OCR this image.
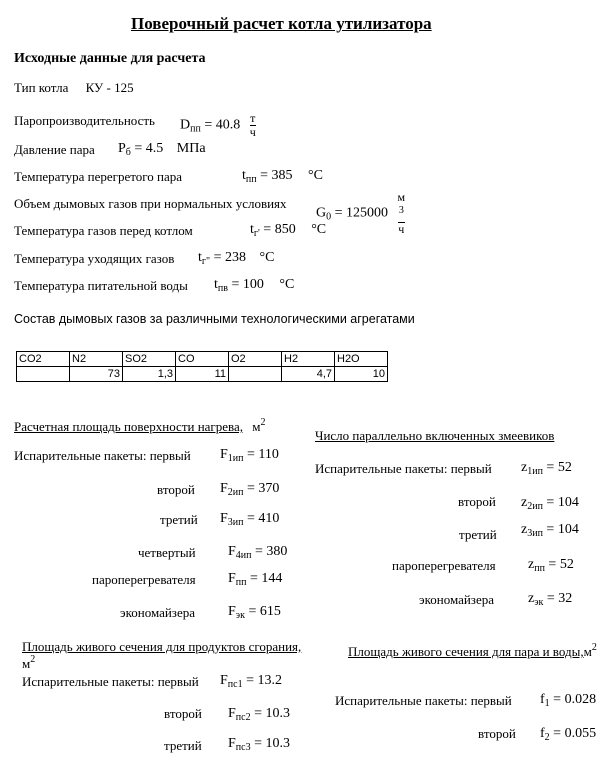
Поверочный расчет котла утилизатора
Исходные данные для расчета
Тип котла КУ - 125
Паропроизводительность $D_{пп} = 40.8 \frac{т}{ч}$
Давление пара $P_б = 4.5$ МПа
Температура перегретого пара	$t_{пп} = 385$ °C
Объем дымовых газов при нормальных условиях
$G_0 = 125000$ м
$^3$
ч
Температура газов перед котлом	$t_{г'} = 850$ °C
Температура уходящих газов $t_{г"} = 238$ °C
Температура питательной воды $t_{пв} = 100$ °C
Состав дымовых газов за различными технологическими агрегатами
CO2	N2	SO2	CO	O2	H2	H2O
	73	1,3	11		4,7	10
Расчетная площадь поверхности нагрева, $м^2$
Испарительные пакеты: первый $F_{1ип} = 110$
второй $F_{2ип} = 370$
третий $F_{3ип} = 410$
четвертый $F_{4ип} = 380$
пароперегревателя $F_{пп} = 144$
экономайзера $F_{эк} = 615$
Число параллельно включенных змеевиков
Испарительные пакеты: первый $z_{1ип} = 52$
второй $z_{2ип} = 104$
третий $z_{3ип} = 104$
пароперегревателя $z_{пп} = 52$
экономайзера $z_{эк} = 32$
Площадь живого сечения для продуктов сгорания,
$м^2$
Испарительные пакеты: первый $F_{пс1} = 13.2$
второй $F_{пс2} = 10.3$
третий $F_{пс3} = 10.3$
Площадь живого сечения для пара и $воды,м^2$
Испарительные пакеты: первый $f_1 = 0.028$
второй $f_2 = 0.055$
